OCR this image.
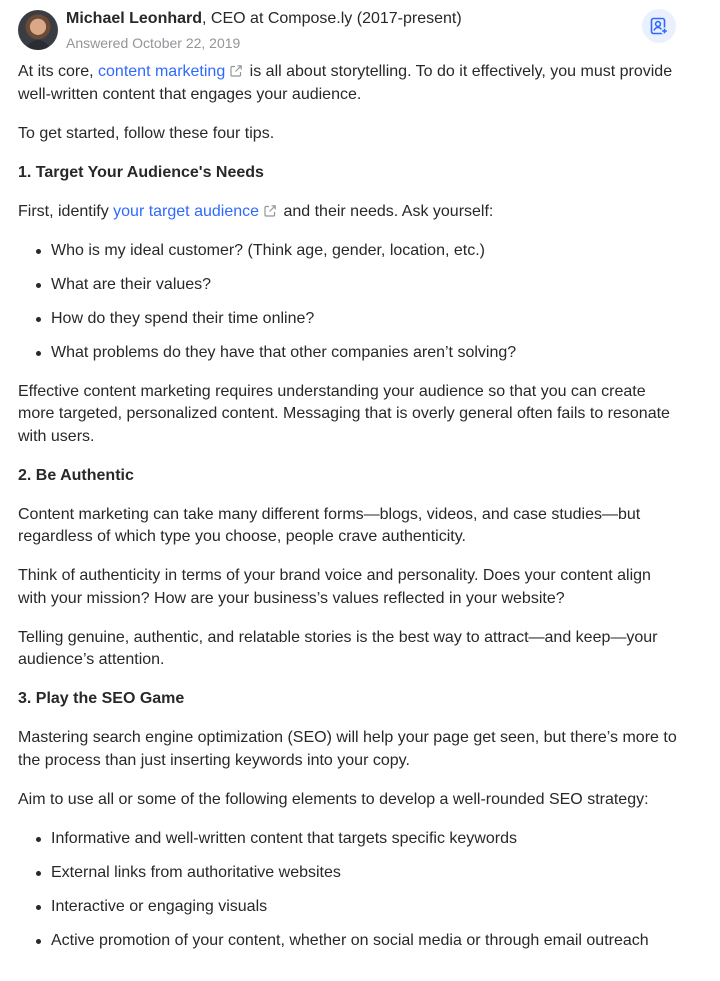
Michael Leonhard, CEO at Compose.ly (2017-present)
Answered October 22, 2019

At its core, content marketing is all about storytelling. To do it effectively, you must provide well-written content that engages your audience.

To get started, follow these four tips.

1. Target Your Audience's Needs

First, identify your target audience and their needs. Ask yourself:

Who is my ideal customer? (Think age, gender, location, etc.)
What are their values?
How do they spend their time online?
What problems do they have that other companies aren’t solving?

Effective content marketing requires understanding your audience so that you can create more targeted, personalized content. Messaging that is overly general often fails to resonate with users.

2. Be Authentic

Content marketing can take many different forms—blogs, videos, and case studies—but regardless of which type you choose, people crave authenticity.

Think of authenticity in terms of your brand voice and personality. Does your content align with your mission? How are your business’s values reflected in your website?

Telling genuine, authentic, and relatable stories is the best way to attract—and keep—your audience’s attention.

3. Play the SEO Game

Mastering search engine optimization (SEO) will help your page get seen, but there’s more to the process than just inserting keywords into your copy.

Aim to use all or some of the following elements to develop a well-rounded SEO strategy:

Informative and well-written content that targets specific keywords
External links from authoritative websites
Interactive or engaging visuals
Active promotion of your content, whether on social media or through email outreach
